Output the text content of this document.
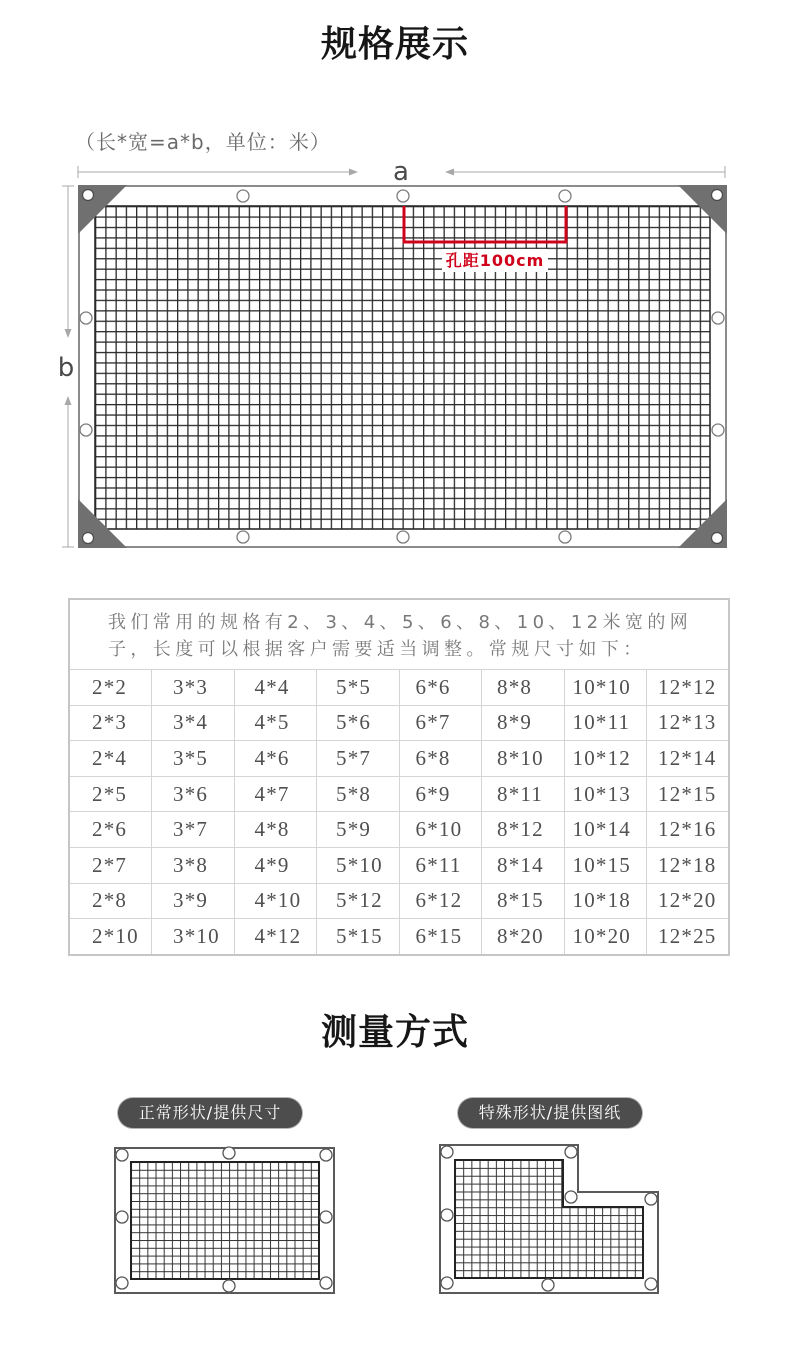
规格展示
（长*宽=a*b，单位：米）
a
b
孔距100cm
我们常用的规格有2、3、4、5、6、8、10、12米宽的网
子，长度可以根据客户需要适当调整。常规尺寸如下：							

2*2	3*3	4*4	5*5	6*6	8*8	10*10	12*12
2*3	3*4	4*5	5*6	6*7	8*9	10*11	12*13
2*4	3*5	4*6	5*7	6*8	8*10	10*12	12*14
2*5	3*6	4*7	5*8	6*9	8*11	10*13	12*15
2*6	3*7	4*8	5*9	6*10	8*12	10*14	12*16
2*7	3*8	4*9	5*10	6*11	8*14	10*15	12*18
2*8	3*9	4*10	5*12	6*12	8*15	10*18	12*20
2*10	3*10	4*12	5*15	6*15	8*20	10*20	12*25
测量方式
正常形状/提供尺寸	特殊形状/提供图纸
